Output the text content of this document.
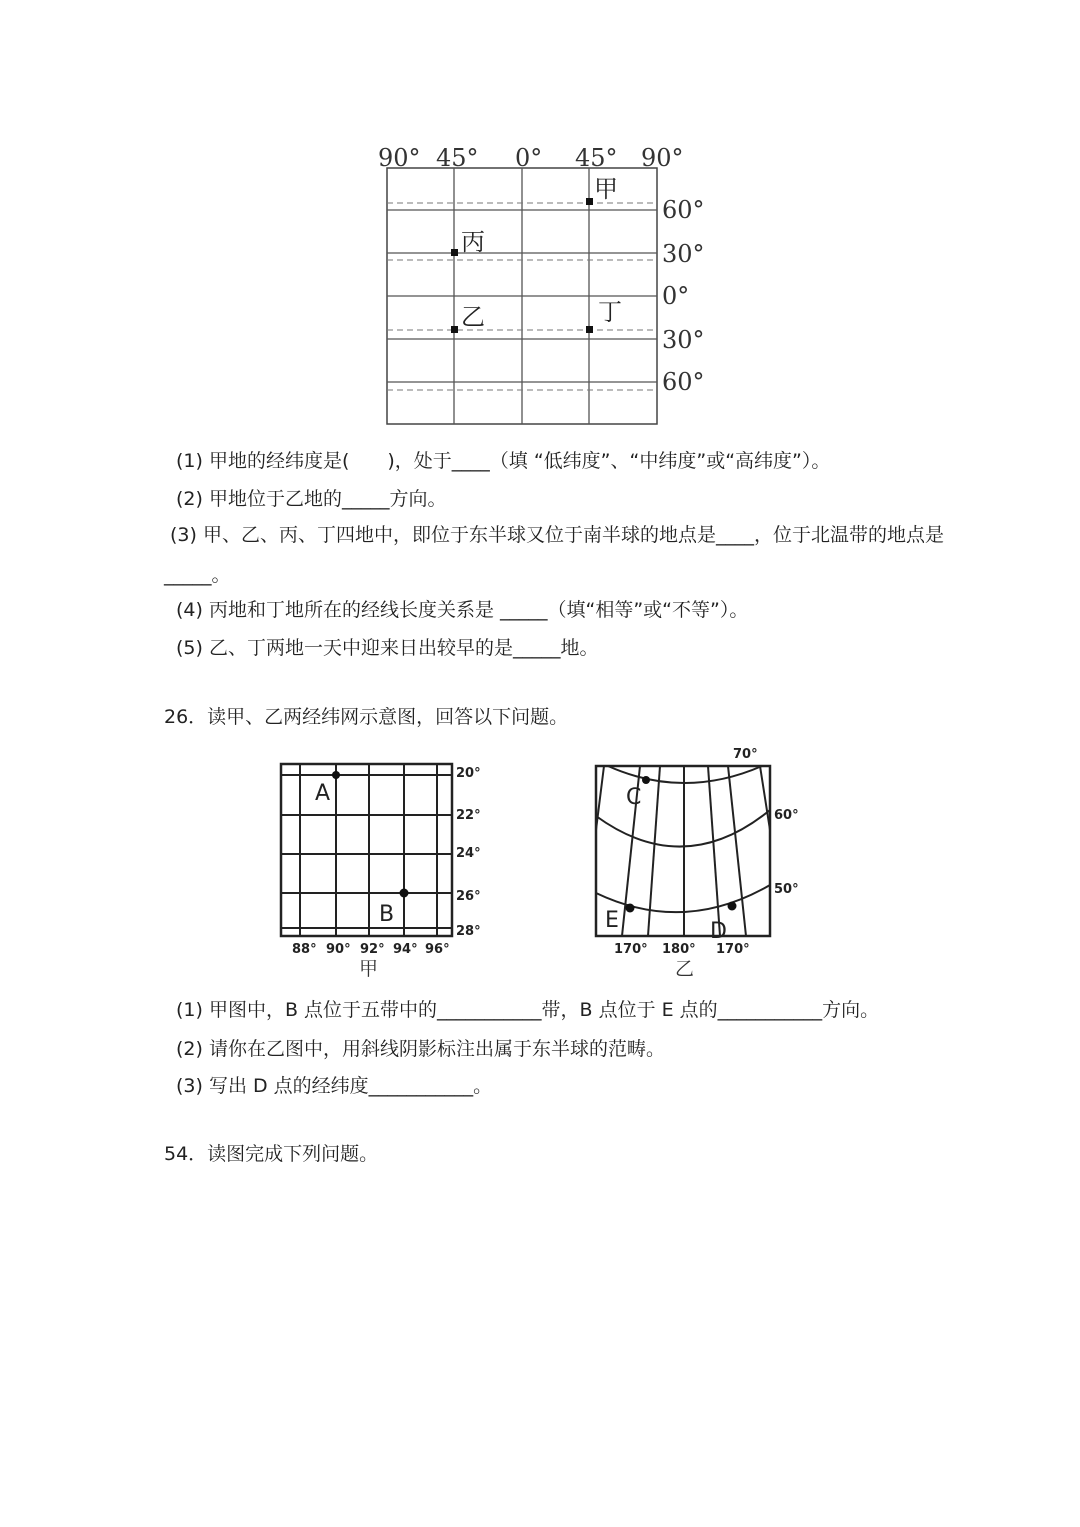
90° 45° 0° 45° 90°
60°
30°
0°
30°
60°
甲
丙
乙	丁
(1) 甲地的经纬度是(　　)，处于____（填 “低纬度”、“中纬度”或“高纬度”）。
(2) 甲地位于乙地的_____方向。
(3) 甲、乙、丙、丁四地中，即位于东半球又位于南半球的地点是____，位于北温带的地点是
_____。
(4) 丙地和丁地所在的经线长度关系是 _____（填“相等”或“不等”）。
(5) 乙、丁两地一天中迎来日出较早的是_____地。
26．读甲、乙两经纬网示意图，回答以下问题。
20°
22°
24°
26°
28°
88° 90° 92° 94° 96°
A
B
甲
70°
60°
50°
170° 180° 170°
C
E	D
乙
(1) 甲图中，B 点位于五带中的___________带，B 点位于 E 点的___________方向。
(2) 请你在乙图中，用斜线阴影标注出属于东半球的范畴。
(3) 写出 D 点的经纬度___________。
54．读图完成下列问题。
